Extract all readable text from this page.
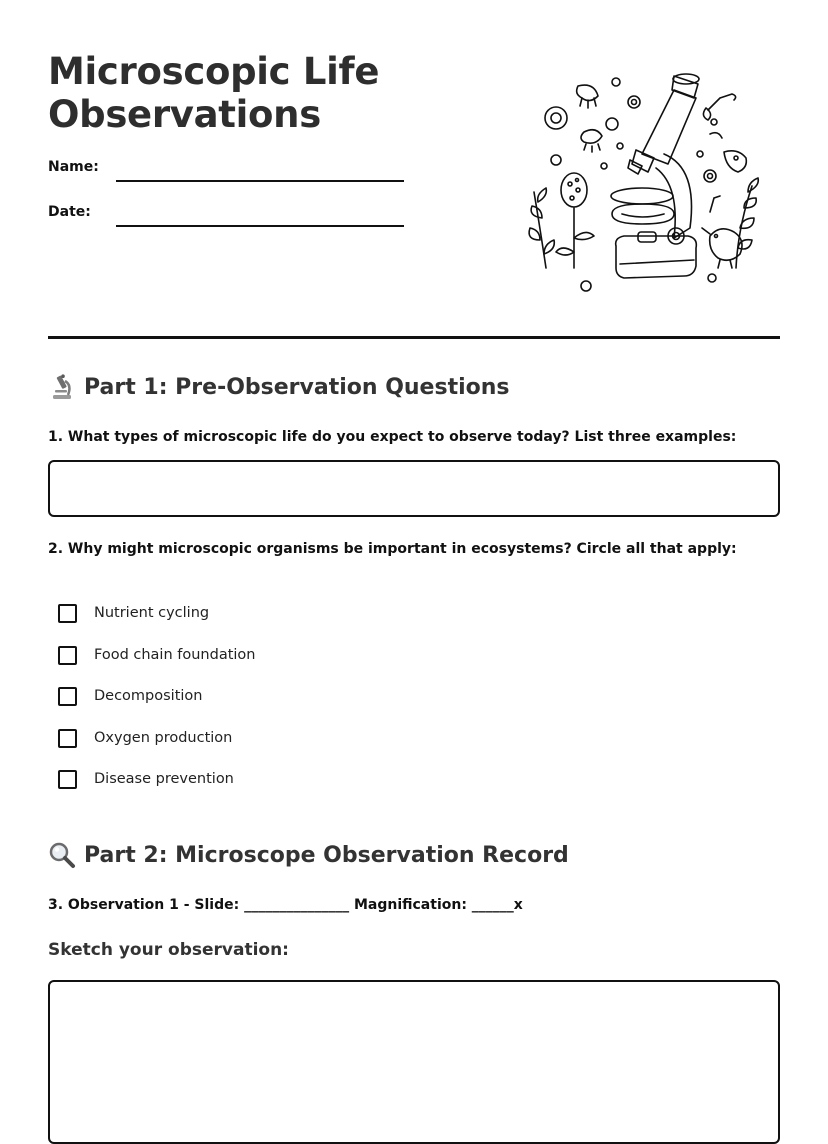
Microscopic Life
Observations
Name:
Date:
Part 1: Pre-Observation Questions

1. What types of microscopic life do you expect to observe today? List three examples:

2. Why might microscopic organisms be important in ecosystems? Circle all that apply:

Nutrient cycling
Food chain foundation
Decomposition
Oxygen production
Disease prevention
Part 2: Microscope Observation Record

3. Observation 1 - Slide: _______________ Magnification: ______x

Sketch your observation:
